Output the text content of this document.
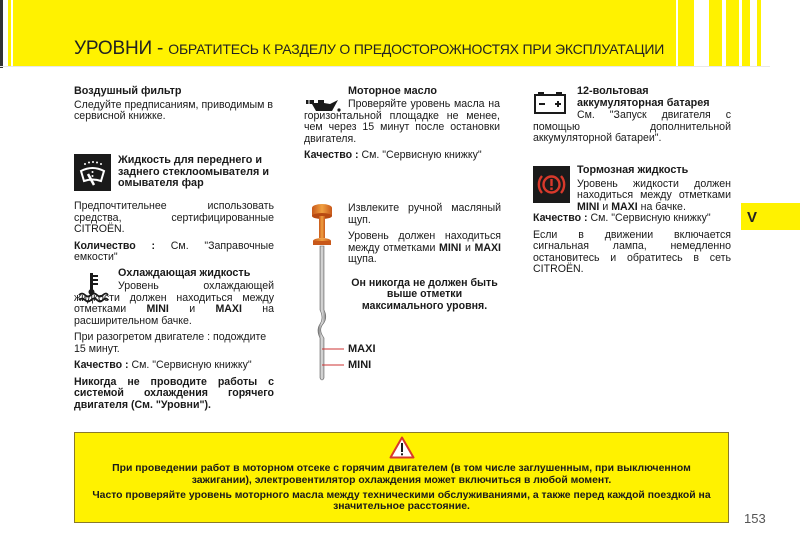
УРОВНИ - ОБРАТИТЕСЬ К РАЗДЕЛУ О ПРЕДОСТОРОЖНОСТЯХ ПРИ ЭКСПЛУАТАЦИИ
Воздушный фильтр

Следуйте предписаниям, приводимым в сервисной книжке.

Жидкость для переднего и заднего стеклоомывателя и омывателя фар

Предпочтительнее использовать средства, сертифицированные CITROËN.

Количество : См. "Заправочные емкости"

Охлаждающая жидкость

Уровень охлаждающей жидкости должен находиться между отметками MINI и MAXI на расширительном бачке.

При разогретом двигателе : подождите 15 минут.

Качество : См. "Сервисную книжку"

Никогда не проводите работы с системой охлаждения горячего двигателя (См. "Уровни").

Моторное масло

Проверяйте уровень масла на горизонтальной площадке не менее, чем через 15 минут после остановки двигателя.

Качество : См. "Сервисную книжку"

MAXI
MINI

Извлеките ручной масляный щуп.

Уровень должен находиться между отметками MINI и MAXI щупа.

Он никогда не должен быть выше отметки максимального уровня.

12-вольтовая аккумуляторная батарея

См. "Запуск двигателя с помощью дополнительной аккумуляторной батареи".

Тормозная жидкость

Уровень жидкости должен находиться между отметками MINI и MAXI на бачке.

Качество : См. "Сервисную книжку"

Если в движении включается сигнальная лампа, немедленно остановитесь и обратитесь в сеть CITROËN.

V

При проведении работ в моторном отсеке с горячим двигателем (в том числе заглушенным, при выключенном зажигании), электровентилятор охлаждения может включиться в любой момент.

Часто проверяйте уровень моторного масла между техническими обслуживаниями, а также перед каждой поездкой на значительное расстояние.

153
